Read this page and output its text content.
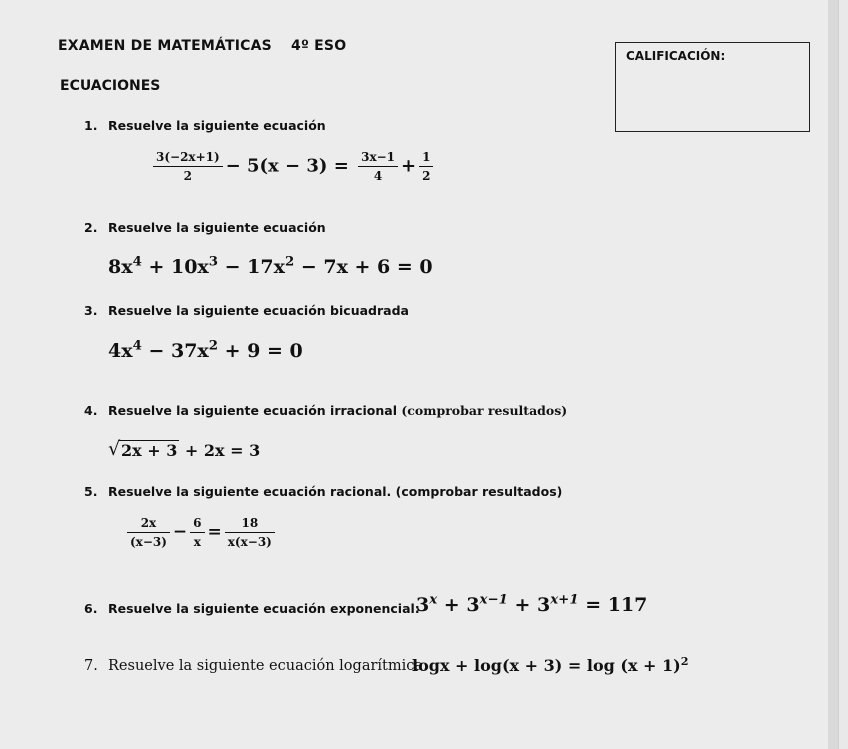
EXAMEN DE MATEMÁTICAS 4º ESO
ECUACIONES
CALIFICACIÓN:
1. Resuelve la siguiente ecuación
$\frac{3(-2x+1)}{2} - 5(x - 3) = \frac{3x-1}{4} + \frac{1}{2}$
2. Resuelve la siguiente ecuación
$8x^4 + 10x^3 - 17x^2 - 7x + 6 = 0$
3. Resuelve la siguiente ecuación bicuadrada
$4x^4 - 37x^2 + 9 = 0$
4. Resuelve la siguiente ecuación irracional (comprobar resultados)
√ 2x + 3 + 2x = 3
5. Resuelve la siguiente ecuación racional. (comprobar resultados)
$\frac{2x}{(x-3)} - \frac{6}{x} = \frac{18}{x(x-3)}$
6. Resuelve la siguiente ecuación exponencial:
$3^x + 3^{x-1} + 3^{x+1} = 117$
7. Resuelve la siguiente ecuación logarítmica:
$\log x + \log(x + 3) = \log (x + 1)^2$
